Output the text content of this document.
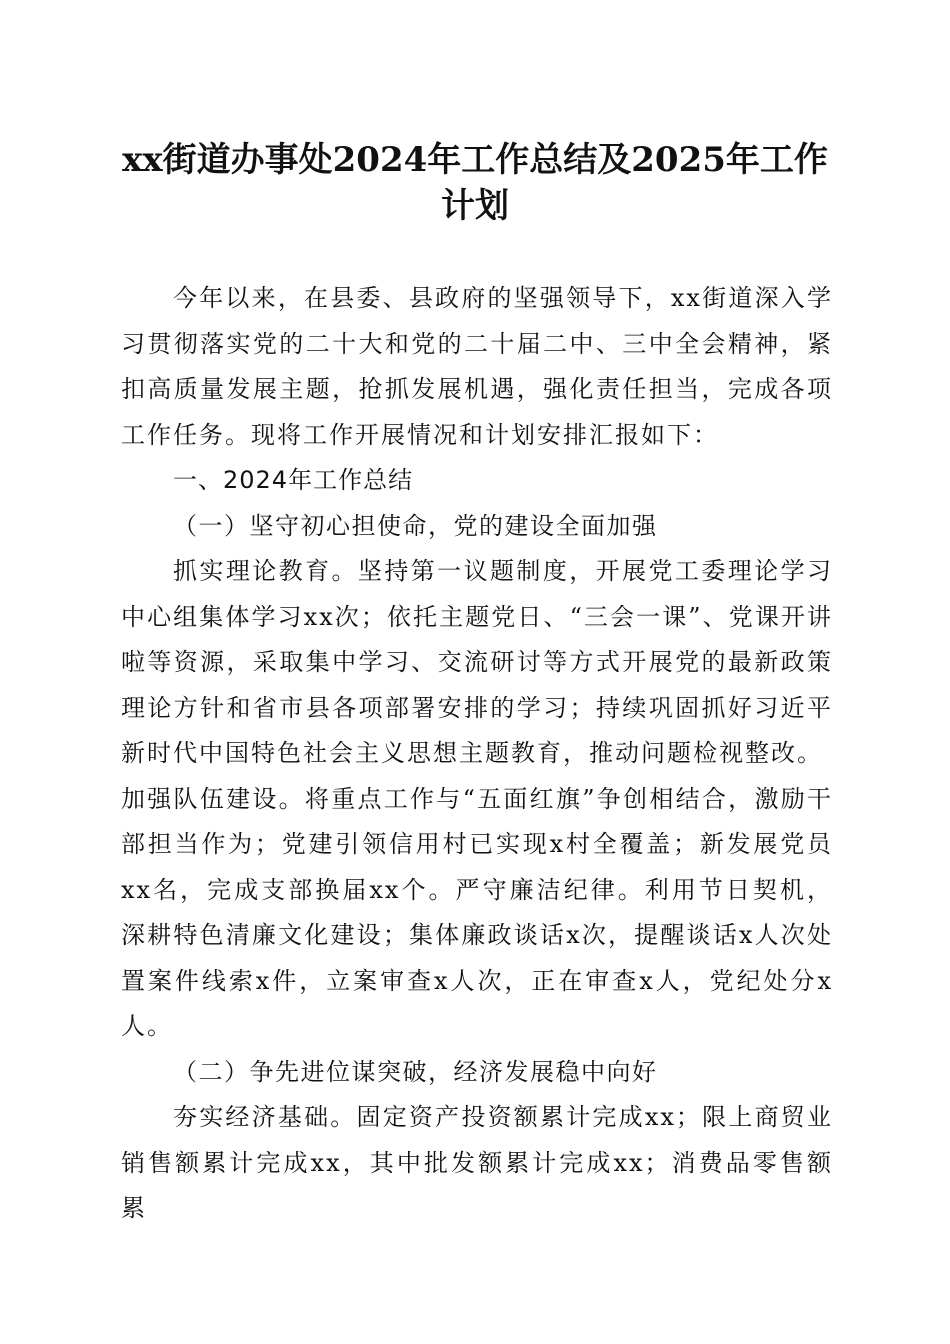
xx街道办事处2024年工作总结及2025年工作
计划

今年以来，在县委、县政府的坚强领导下，xx街道深入学习贯彻落实党的二十大和党的二十届二中、三中全会精神，紧扣高质量发展主题，抢抓发展机遇，强化责任担当，完成各项工作任务。现将工作开展情况和计划安排汇报如下：

一、2024年工作总结

（一）坚守初心担使命，党的建设全面加强

抓实理论教育。坚持第一议题制度，开展党工委理论学习中心组集体学习xx次；依托主题党日、“三会一课”、党课开讲啦等资源，采取集中学习、交流研讨等方式开展党的最新政策理论方针和省市县各项部署安排的学习；持续巩固抓好习近平新时代中国特色社会主义思想主题教育，推动问题检视整改。

加强队伍建设。将重点工作与“五面红旗”争创相结合，激励干部担当作为；党建引领信用村已实现x村全覆盖；新发展党员xx名，完成支部换届xx个。严守廉洁纪律。利用节日契机，深耕特色清廉文化建设；集体廉政谈话x次，提醒谈话x人次处置案件线索x件，立案审查x人次，正在审查x人，党纪处分x人。

（二）争先进位谋突破，经济发展稳中向好

夯实经济基础。固定资产投资额累计完成xx；限上商贸业销售额累计完成xx，其中批发额累计完成xx；消费品零售额累
